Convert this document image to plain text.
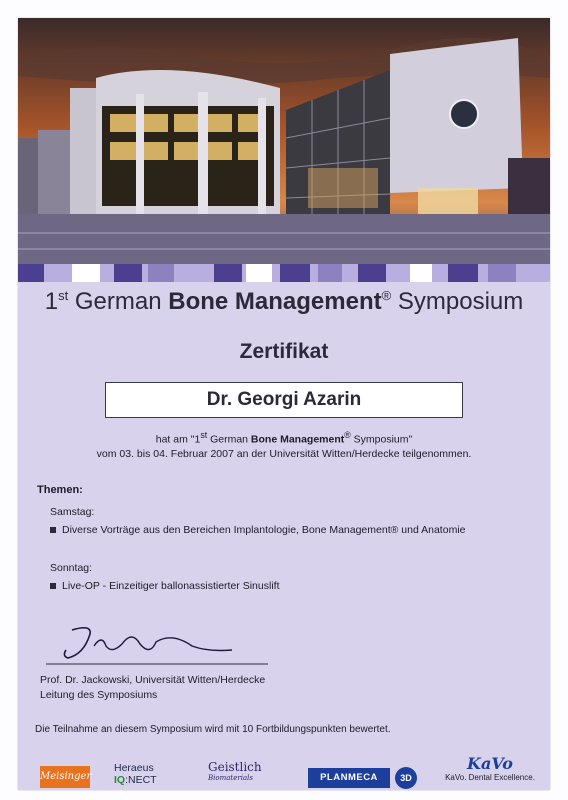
1st German Bone Management® Symposium
Zertifikat
Dr. Georgi Azarin
hat am "1st German Bone Management® Symposium"
vom 03. bis 04. Februar 2007 an der Universität Witten/Herdecke teilgenommen.
Themen:
Samstag:
Diverse Vorträge aus den Bereichen Implantologie, Bone Management® und Anatomie
Sonntag:
Live-OP - Einzeitiger ballonassistierter Sinuslift
Prof. Dr. Jackowski, Universität Witten/Herdecke
Leitung des Symposiums
Die Teilnahme an diesem Symposium wird mit 10 Fortbildungspunkten bewertet.
Meisinger
Heraeus
IQ:NECT
Geistlich
Biomaterials	PLANMECA	3D
KaVo
KaVo. Dental Excellence.
